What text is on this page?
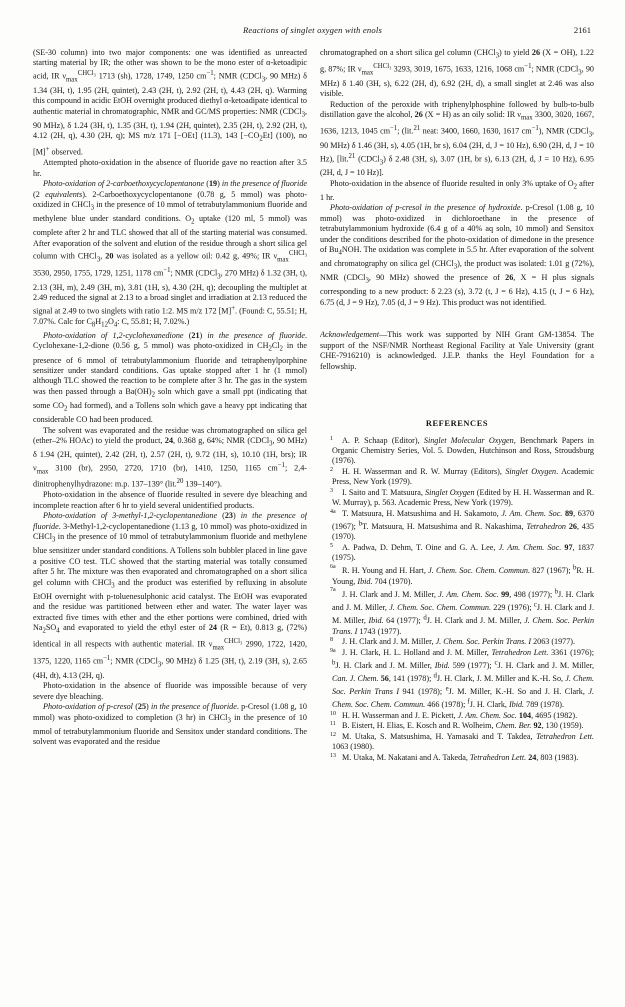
Reactions of singlet oxygen with enols	2161

(SE-30 column) into two major components: one was identified as unreacted starting material by IR; the other was shown to be the mono ester of α-ketoadipic acid, IR $\nu_{max}^{CHCl_3}$ 1713 (sh), 1728, 1749, 1250 $cm^{-1}$; NMR (CDCl$_3$, 90 MHz) δ 1.34 (3H, t), 1.95 (2H, quintet), 2.43 (2H, t), 2.92 (2H, t), 4.43 (2H, q). Warming this compound in acidic EtOH overnight produced diethyl α-ketoadipate identical to authentic material in chromatographic, NMR and GC/MS properties: NMR (CDCl$_3$, 90 MHz), δ 1.24 (3H, t), 1.35 (3H, t), 1.94 (2H, quintet), 2.35 (2H, t), 2.92 (2H, t), 4.12 (2H, q), 4.30 (2H, q); MS m/z 171 [−OEt] (11.3), 143 $[-CO_2Et]$ (100), no [M]+ observed.

Attempted photo-oxidation in the absence of fluoride gave no reaction after 3.5 hr.

Photo-oxidation of 2-carboethoxycyclopentanone (19) in the presence of fluoride (2 equivalents). 2-Carboethoxycyclopentanone (0.78 g, 5 mmol) was photo-oxidized in CHCl$_3$ in the presence of 10 mmol of tetrabutylammonium fluoride and methylene blue under standard conditions. $O_2$ uptake (120 ml, 5 mmol) was complete after 2 hr and TLC showed that all of the starting material was consumed. After evaporation of the solvent and elution of the residue through a short silica gel column with CHCl$_3$, 20 was isolated as a yellow oil: 0.42 g, 49%; IR $\nu_{max}^{CHCl_3}$ 3530, 2950, 1755, 1729, 1251, 1178 $cm^{-1}$; NMR (CDCl$_3$, 270 MHz) δ 1.32 (3H, t), 2.13 (3H, m), 2.49 (3H, m), 3.81 (1H, s), 4.30 (2H, q); decoupling the multiplet at 2.49 reduced the signal at 2.13 to a broad singlet and irradiation at 2.13 reduced the signal at 2.49 to two singlets with ratio 1:2. MS m/z 172 [M]+. (Found: C, 55.51; H, 7.07%. Calc for $C_8H_{12}O_4$: C, 55.81; H, 7.02%.)

Photo-oxidation of 1,2-cyclohexanedione (21) in the presence of fluoride. Cyclohexane-1,2-dione (0.56 g, 5 mmol) was photo-oxidized in $CH_2Cl_2$ in the presence of 6 mmol of tetrabutylammonium fluoride and tetraphenylporphine sensitizer under standard conditions. Gas uptake stopped after 1 hr (1 mmol) although TLC showed the reaction to be complete after 3 hr. The gas in the system was then passed through a $Ba(OH)_2$ soln which gave a small ppt (indicating that some $CO_2$ had formed), and a Tollens soln which gave a heavy ppt indicating that considerable CO had been produced.

The solvent was evaporated and the residue was chromatographed on silica gel (ether–2% HOAc) to yield the product, 24, 0.368 g, 64%; NMR (CDCl$_3$, 90 MHz) δ 1.94 (2H, quintet), 2.42 (2H, t), 2.57 (2H, t), 9.72 (1H, s), 10.10 (1H, brs); IR $\nu_{max}$ 3100 (br), 2950, 2720, 1710 (br), 1410, 1250, 1165 $cm^{-1}$; 2,4-dinitrophenylhydrazone: m.p. 137–139° (lit.$^{20}$ 139–140°).

Photo-oxidation in the absence of fluoride resulted in severe dye bleaching and incomplete reaction after 6 hr to yield several unidentified products.

Photo-oxidation of 3-methyl-1,2-cyclopentanedione (23) in the presence of fluoride. 3-Methyl-1,2-cyclopentanedione (1.13 g, 10 mmol) was photo-oxidized in CHCl$_3$ in the presence of 10 mmol of tetrabutylammonium fluoride and methylene blue sensitizer under standard conditions. A Tollens soln bubbler placed in line gave a positive CO test. TLC showed that the starting material was totally consumed after 5 hr. The mixture was then evaporated and chromatographed on a short silica gel column with CHCl$_3$ and the product was esterified by refluxing in absolute EtOH overnight with p-toluenesulphonic acid catalyst. The EtOH was evaporated and the residue was partitioned between ether and water. The water layer was extracted five times with ether and the ether portions were combined, dried with $Na_2SO_4$ and evaporated to yield the ethyl ester of 24 (R = Et), 0.813 g, (72%) identical in all respects with authentic material. IR $\nu_{max}^{CHCl_3}$ 2990, 1722, 1420, 1375, 1220, 1165 $cm^{-1}$; NMR (CDCl$_3$, 90 MHz) δ 1.25 (3H, t), 2.19 (3H, s), 2.65 (4H, dt), 4.13 (2H, q).

Photo-oxidation in the absence of fluoride was impossible because of very severe dye bleaching.

Photo-oxidation of p-cresol (25) in the presence of fluoride. p-Cresol (1.08 g, 10 mmol) was photo-oxidized to completion (3 hr) in CHCl$_3$ in the presence of 10 mmol of tetrabutylammonium fluoride and Sensitox under standard conditions. The solvent was evaporated and the residue

chromatographed on a short silica gel column (CHCl$_3$) to yield 26 (X = OH), 1.22 g, 87%; IR $\nu_{max}^{CHCl_3}$ 3293, 3019, 1675, 1633, 1216, 1068 $cm^{-1}$; NMR (CDCl$_3$, 90 MHz) δ 1.40 (3H, s), 6.22 (2H, d), 6.92 (2H, d), a small singlet at 2.46 was also visible.

Reduction of the peroxide with triphenylphosphine followed by bulb-to-bulb distillation gave the alcohol, 26 (X = H) as an oily solid: IR $\nu_{max}$ 3300, 3020, 1667, 1636, 1213, 1045 $cm^{-1}$; (lit.$^{21}$ neat: 3400, 1660, 1630, 1617 $cm^{-1}$), NMR (CDCl$_3$, 90 MHz) δ 1.46 (3H, s), 4.05 (1H, br s), 6.04 (2H, d, J = 10 Hz), 6.90 (2H, d, J = 10 Hz), [lit.$^{21}$ (CDCl$_3$) δ 2.48 (3H, s), 3.07 (1H, br s), 6.13 (2H, d, J = 10 Hz), 6.95 (2H, d, J = 10 Hz)].

Photo-oxidation in the absence of fluoride resulted in only 3% uptake of $O_2$ after 1 hr.

Photo-oxidation of p-cresol in the presence of hydroxide. p-Cresol (1.08 g, 10 mmol) was photo-oxidized in dichloroethane in the presence of tetrabutylammonium hydroxide (6.4 g of a 40% aq soln, 10 mmol) and Sensitox under the conditions described for the photo-oxidation of dimedone in the presence of $Bu_4NOH$. The oxidation was complete in 5.5 hr. After evaporation of the solvent and chromatography on silica gel (CHCl$_3$), the product was isolated: 1.01 g (72%), NMR (CDCl$_3$, 90 MHz) showed the presence of 26, X = H plus signals corresponding to a new product: δ 2.23 (s), 3.72 (t, J = 6 Hz), 4.15 (t, J = 6 Hz), 6.75 (d, J = 9 Hz), 7.05 (d, J = 9 Hz). This product was not identified.

Acknowledgement—This work was supported by NIH Grant GM-13854. The support of the NSF/NMR Northeast Regional Facility at Yale University (grant CHE-7916210) is acknowledged. J.E.P. thanks the Heyl Foundation for a fellowship.

REFERENCES

1 A. P. Schaap (Editor), Singlet Molecular Oxygen, Benchmark Papers in Organic Chemistry Series, Vol. 5. Dowden, Hutchinson and Ross, Stroudsburg (1976).

2 H. H. Wasserman and R. W. Murray (Editors), Singlet Oxygen. Academic Press, New York (1979).

3 I. Saito and T. Matsuura, Singlet Oxygen (Edited by H. H. Wasserman and R. W. Murray), p. 563. Academic Press, New York (1979).

4a T. Matsuura, H. Matsushima and H. Sakamoto, J. Am. Chem. Soc. 89, 6370 (1967); $^b$T. Matsuura, H. Matsushima and R. Nakashima, Tetrahedron 26, 435 (1970).

5 A. Padwa, D. Dehm, T. Oine and G. A. Lee, J. Am. Chem. Soc. 97, 1837 (1975).

6a R. H. Young and H. Hart, J. Chem. Soc. Chem. Commun. 827 (1967); $^b$R. H. Young, Ibid. 704 (1970).

7a J. H. Clark and J. M. Miller, J. Am. Chem. Soc. 99, 498 (1977); $^b$J. H. Clark and J. M. Miller, J. Chem. Soc. Chem. Commun. 229 (1976); $^c$J. H. Clark and J. M. Miller, Ibid. 64 (1977); $^d$J. H. Clark and J. M. Miller, J. Chem. Soc. Perkin Trans. I 1743 (1977).

8 J. H. Clark and J. M. Miller, J. Chem. Soc. Perkin Trans. I 2063 (1977).

9a J. H. Clark, H. L. Holland and J. M. Miller, Tetrahedron Lett. 3361 (1976); $^b$J. H. Clark and J. M. Miller, Ibid. 599 (1977); $^c$J. H. Clark and J. M. Miller, Can. J. Chem. 56, 141 (1978); $^d$J. H. Clark, J. M. Miller and K.-H. So, J. Chem. Soc. Perkin Trans I 941 (1978); $^e$J. M. Miller, K.-H. So and J. H. Clark, J. Chem. Soc. Chem. Commun. 466 (1978); $^f$J. H. Clark, Ibid. 789 (1978).

10 H. H. Wasserman and J. E. Pickett, J. Am. Chem. Soc. 104, 4695 (1982).

11 B. Eistert, H. Elias, E. Kosch and R. Wolheim, Chem. Ber. 92, 130 (1959).

12 M. Utaka, S. Matsushima, H. Yamasaki and T. Takdea, Tetrahedron Lett. 1063 (1980).

13 M. Utaka, M. Nakatani and A. Takeda, Tetrahedron Lett. 24, 803 (1983).
